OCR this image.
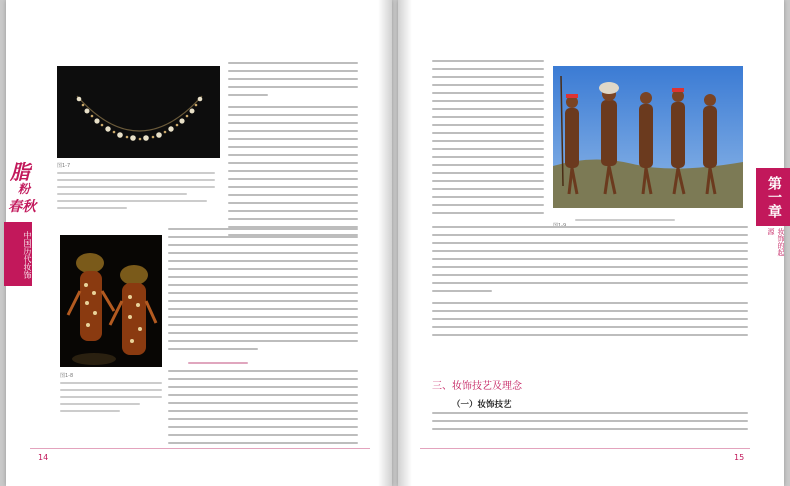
脂
粉
春秋
中国历代妆饰
图1-7
图1-8
14
三、妆饰技艺及理念
（一）妆饰技艺
第一章
妆饰的起源
15
